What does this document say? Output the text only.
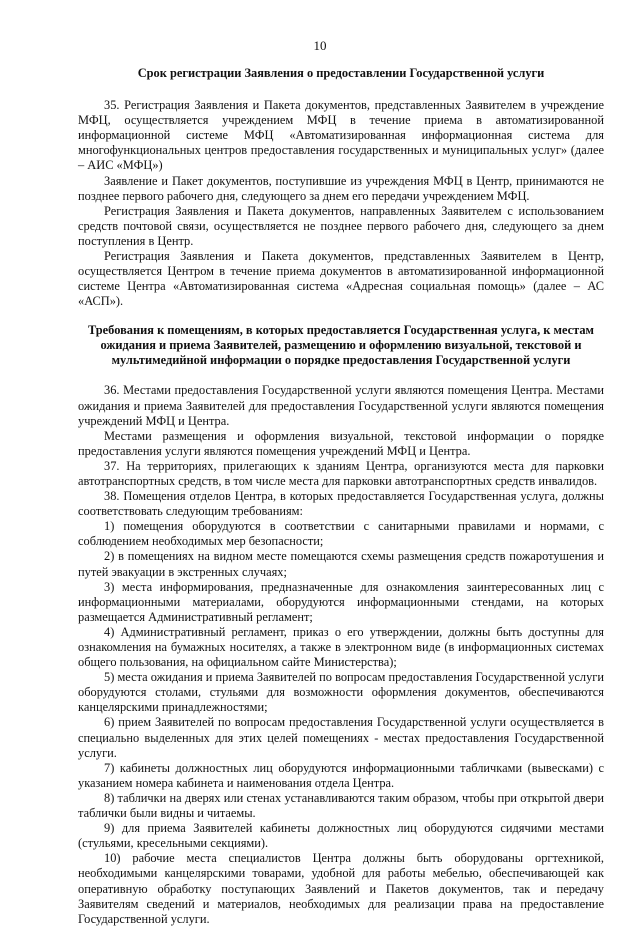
10
Срок регистрации Заявления о предоставлении Государственной услуги

35. Регистрация Заявления и Пакета документов, представленных Заявителем в учреждение МФЦ, осуществляется учреждением МФЦ в течение приема в автоматизированной информационной системе МФЦ «Автоматизированная информационная система для многофункциональных центров предоставления государственных и муниципальных услуг» (далее – АИС «МФЦ»)

Заявление и Пакет документов, поступившие из учреждения МФЦ в Центр, принимаются не позднее первого рабочего дня, следующего за днем его передачи учреждением МФЦ.

Регистрация Заявления и Пакета документов, направленных Заявителем с использованием средств почтовой связи, осуществляется не позднее первого рабочего дня, следующего за днем поступления в Центр.

Регистрация Заявления и Пакета документов, представленных Заявителем в Центр, осуществляется Центром в течение приема документов в автоматизированной информационной системе Центра «Автоматизированная система «Адресная социальная помощь» (далее – АС «АСП»).

Требования к помещениям, в которых предоставляется Государственная услуга, к местам ожидания и приема Заявителей, размещению и оформлению визуальной, текстовой и мультимедийной информации о порядке предоставления Государственной услуги

36. Местами предоставления Государственной услуги являются помещения Центра. Местами ожидания и приема Заявителей для предоставления Государственной услуги являются помещения учреждений МФЦ и Центра.

Местами размещения и оформления визуальной, текстовой информации о порядке предоставления услуги являются помещения учреждений МФЦ и Центра.

37. На территориях, прилегающих к зданиям Центра, организуются места для парковки автотранспортных средств, в том числе места для парковки автотранспортных средств инвалидов.

38. Помещения отделов Центра, в которых предоставляется Государственная услуга, должны соответствовать следующим требованиям:

1) помещения оборудуются в соответствии с санитарными правилами и нормами, с соблюдением необходимых мер безопасности;

2) в помещениях на видном месте помещаются схемы размещения средств пожаротушения и путей эвакуации в экстренных случаях;

3) места информирования, предназначенные для ознакомления заинтересованных лиц с информационными материалами, оборудуются информационными стендами, на которых размещается Административный регламент;

4) Административный регламент, приказ о его утверждении, должны быть доступны для ознакомления на бумажных носителях, а также в электронном виде (в информационных системах общего пользования, на официальном сайте Министерства);

5) места ожидания и приема Заявителей по вопросам предоставления Государственной услуги оборудуются столами, стульями для возможности оформления документов, обеспечиваются канцелярскими принадлежностями;

6) прием Заявителей по вопросам предоставления Государственной услуги осуществляется в специально выделенных для этих целей помещениях - местах предоставления Государственной услуги.

7) кабинеты должностных лиц оборудуются информационными табличками (вывесками) с указанием номера кабинета и наименования отдела Центра.

8) таблички на дверях или стенах устанавливаются таким образом, чтобы при открытой двери таблички были видны и читаемы.

9) для приема Заявителей кабинеты должностных лиц оборудуются сидячими местами (стульями, кресельными секциями).

10) рабочие места специалистов Центра должны быть оборудованы оргтехникой, необходимыми канцелярскими товарами, удобной для работы мебелью, обеспечивающей как оперативную обработку поступающих Заявлений и Пакетов документов, так и передачу Заявителям сведений и материалов, необходимых для реализации права на предоставление Государственной услуги.
